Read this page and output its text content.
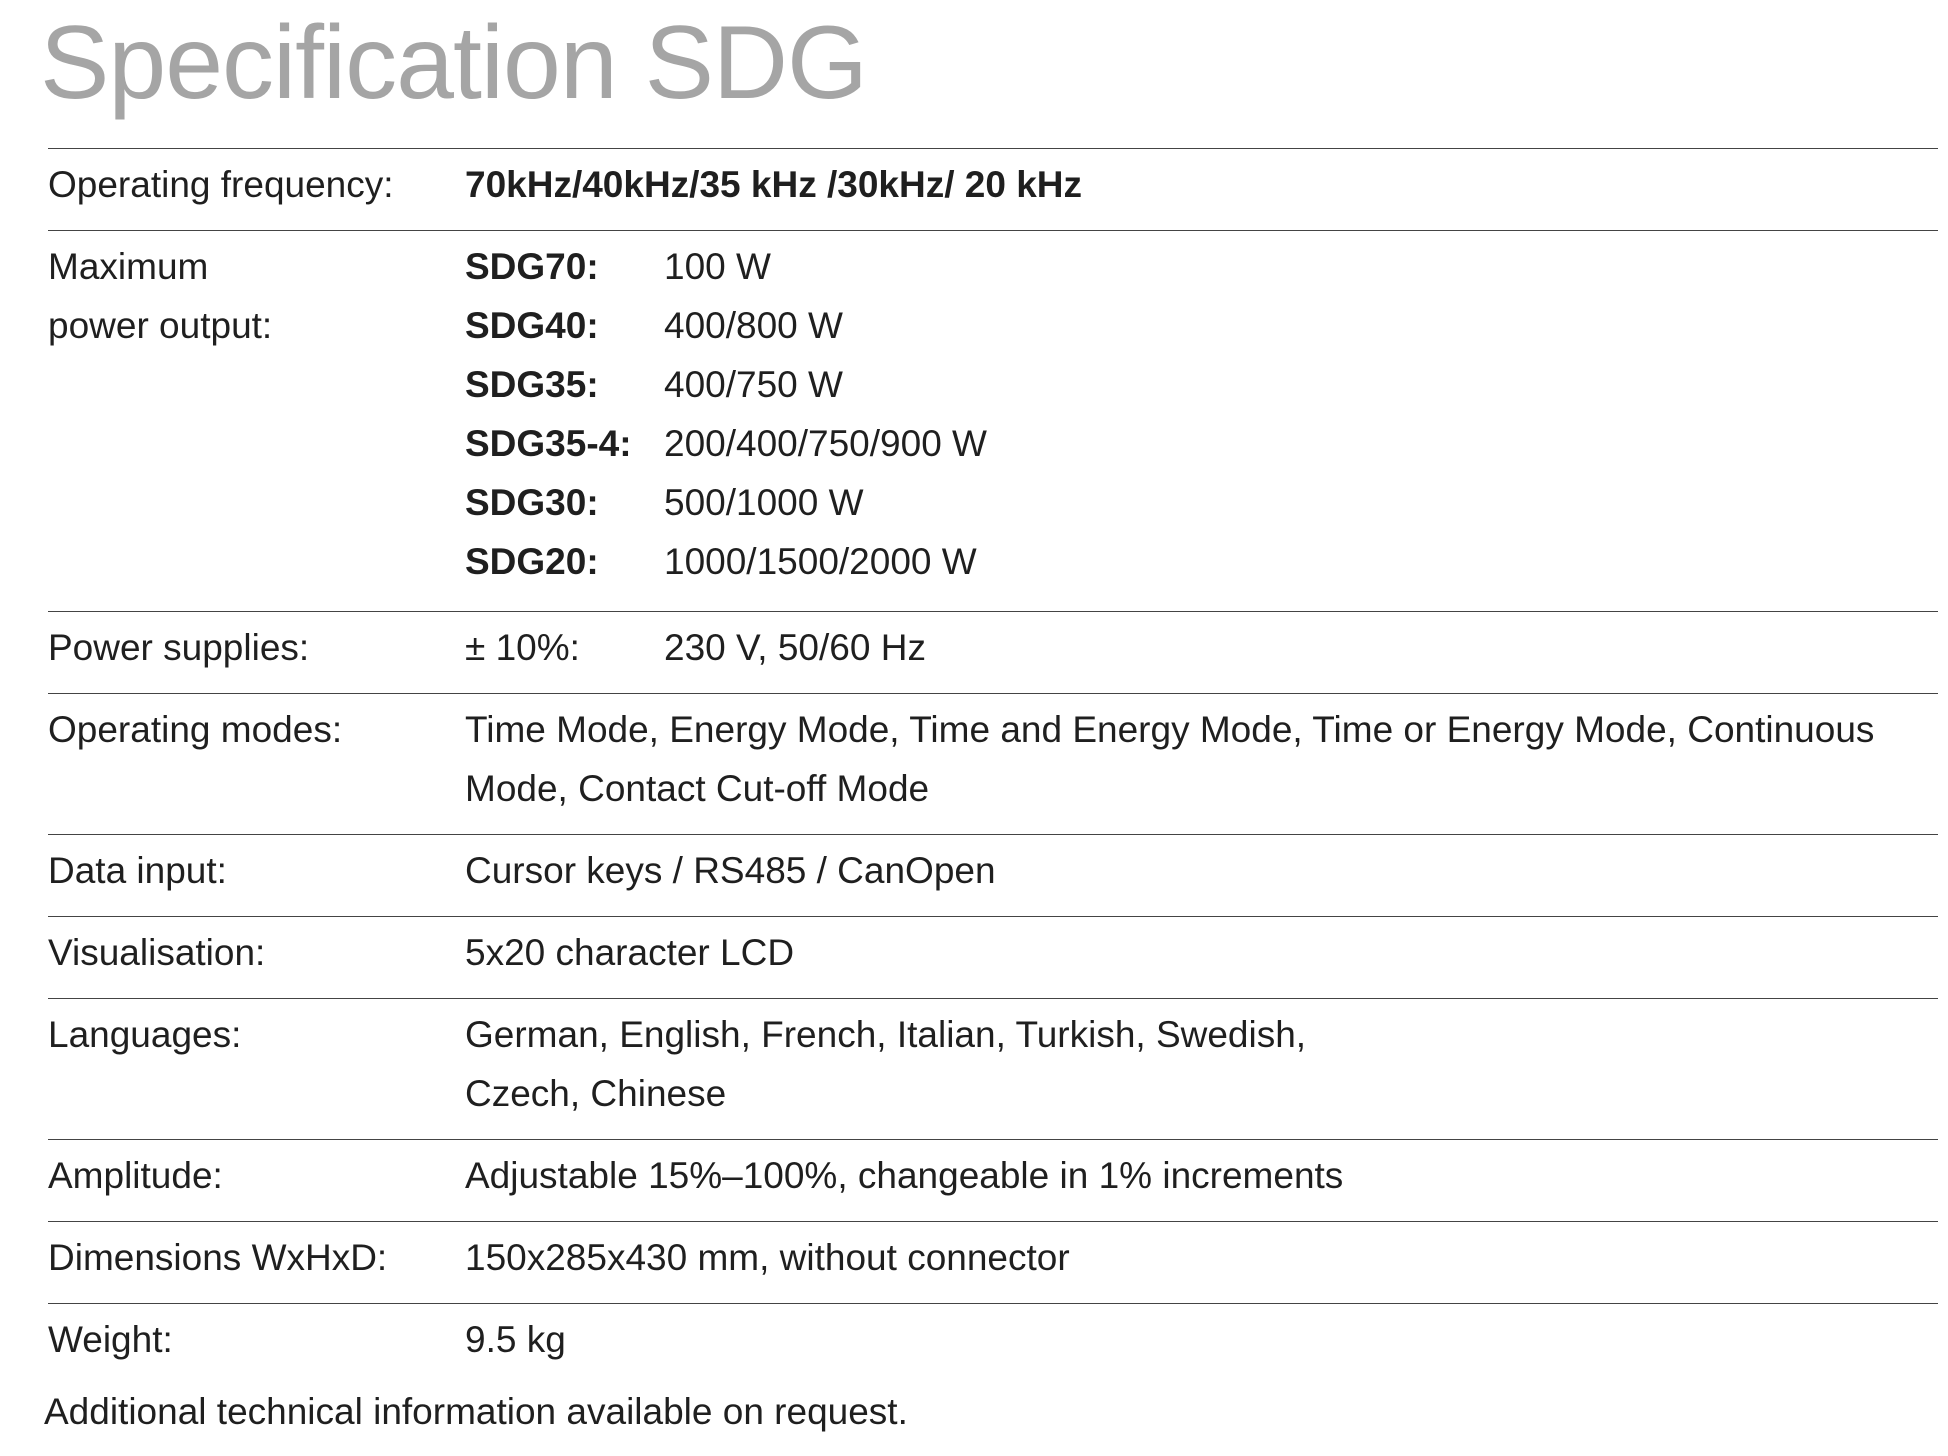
Specification SDG
Operating frequency:	70kHz/40kHz/35 kHz /30kHz/ 20 kHz
Maximum
power output:
SDG70:	100 W
SDG40:	400/800 W
SDG35:	400/750 W
SDG35-4: 200/400/750/900 W
SDG30:	500/1000 W
SDG20:	1000/1500/2000 W
Power supplies:	± 10%:	230 V, 50/60 Hz
Operating modes:	Time Mode, Energy Mode, Time and Energy Mode, Time or Energy Mode, Continuous
Mode, Contact Cut-off Mode
Data input:	Cursor keys / RS485 / CanOpen
Visualisation:	5x20 character LCD
Languages:	German, English, French, Italian, Turkish, Swedish,
Czech, Chinese
Amplitude:	Adjustable 15%–100%, changeable in 1% increments
Dimensions WxHxD:	150x285x430 mm, without connector
Weight:	9.5 kg
Additional technical information available on request.
